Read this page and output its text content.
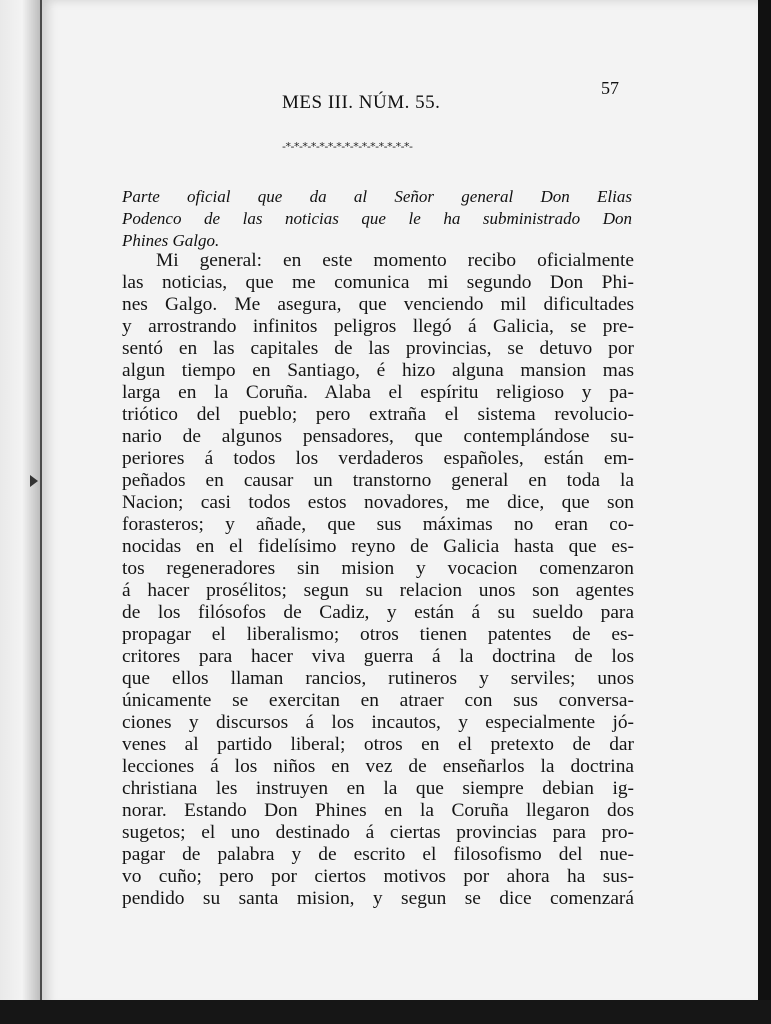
MES III. NÚM. 55.
57
-*-*-*-*-*-*-*-*-*-*-*-*-*-*-*-
Parte oficial que da al Señor general Don Elias
Podenco de las noticias que le ha subministrado Don
Phines Galgo.
Mi general: en este momento recibo oficialmente
las noticias, que me comunica mi segundo Don Phi-
nes Galgo. Me asegura, que venciendo mil dificultades
y arrostrando infinitos peligros llegó á Galicia, se pre-
sentó en las capitales de las provincias, se detuvo por
algun tiempo en Santiago, é hizo alguna mansion mas
larga en la Coruña. Alaba el espíritu religioso y pa-
triótico del pueblo; pero extraña el sistema revolucio-
nario de algunos pensadores, que contemplándose su-
periores á todos los verdaderos españoles, están em-
peñados en causar un transtorno general en toda la
Nacion; casi todos estos novadores, me dice, que son
forasteros; y añade, que sus máximas no eran co-
nocidas en el fidelísimo reyno de Galicia hasta que es-
tos regeneradores sin mision y vocacion comenzaron
á hacer prosélitos; segun su relacion unos son agentes
de los filósofos de Cadiz, y están á su sueldo para
propagar el liberalismo; otros tienen patentes de es-
critores para hacer viva guerra á la doctrina de los
que ellos llaman rancios, rutineros y serviles; unos
únicamente se exercitan en atraer con sus conversa-
ciones y discursos á los incautos, y especialmente jó-
venes al partido liberal; otros en el pretexto de dar
lecciones á los niños en vez de enseñarlos la doctrina
christiana les instruyen en la que siempre debian ig-
norar. Estando Don Phines en la Coruña llegaron dos
sugetos; el uno destinado á ciertas provincias para pro-
pagar de palabra y de escrito el filosofismo del nue-
vo cuño; pero por ciertos motivos por ahora ha sus-
pendido su santa mision, y segun se dice comenzará
